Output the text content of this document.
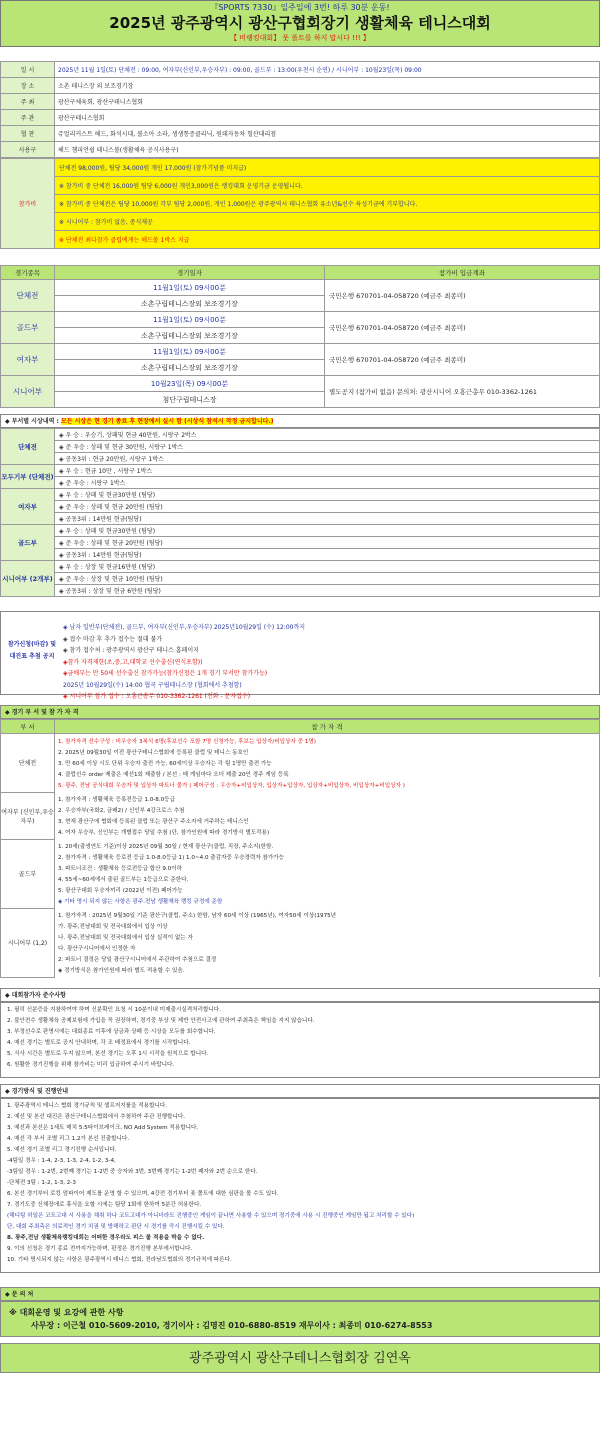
『SPORTS 7330』일주일에 3번! 하루 30분 운동!
2025년 광주광역시 광산구협회장기 생활체육 테니스대회
【 비랭킹대회】 풋 폴트를 하지 맙시다 !!! 】
일 시	2025년 11월 1일(토) 단체전 : 09:00, 여자부(신인부,우승자부) : 09:00, 골드부 : 13:00(우천시 순연) / 시니어부 : 10월23일(목) 09:00
장 소	소촌 테니스장 외 보조경기장
주 최	광산구체육회, 광산구테니스협회
주 관	광산구테니스협회
협 찬	쥬얼리커스트 헤드, 화석시대, 볼소아 소라, 생생통증클리닉, 원데자동차 힐산대리점
사용구	헤드 챔피언쉽 테니스볼(생활체육 공식사용구)
참가비	단체전 98,000원, 팀당 34,000원 개인 17,000원 (참가기념품 미지급)
※ 참가비 중 단체전 16,000원 팀당 6,000원 개인3,000원은 랭킹대회 운영기금 운영됩니다.
※ 참가비 중 단체전은 팀당 10,000원 각부 팀당 2,000원, 개인 1,000원은 광주광역시 테니스협회 유소년&선수 육성기금에 기부합니다.
※ 시니어부 : 참가비 없음, 중식제공
※ 단체전 최다참가 클럽에게는 헤드볼 1박스 지급
경기종목	경기일자	참가비 입금계좌
단체전	11월1일(토) 09시00분	국민은행 670701-04-058720 (예금주 최종미)
	소촌구립테니스장외 보조경기장	
골드부	11월1일(토) 09시00분	국민은행 670701-04-058720 (예금주 최종미)
	소촌구립테니스장외 보조경기장	
여자부	11월1일(토) 09시00분	국민은행 670701-04-058720 (예금주 최종미)
	소촌구립테니스장외 보조경기장	
시니어부	10월23일(목) 09시00분	별도공지 (참가비 없음) 문의처: 광산시니어 오홍근총무 010-3362-1261
	첨단구립테니스장	
◆ 부서별 시상내역 : 모든 시상은 현 경기 종료 후 현장에서 실시 함 (시상식 참석시 작정 금지합니다.)
단체전	◈ 우 승 : 우승기, 상패및 현금 40만원, 시랑구 2박스
	◈ 준 우승 : 상패 및 현금 30만원, 시랑구 1박스
	◈ 공동3위 : 현금 20만원, 시랑구 1박스
모두기부 (단체전)	◈ 우 승 : 현금 10만 , 시랑구 1박스
	◈ 준 우승 : 시랑구 1박스
여자부	◈ 우 승 : 상패 및 현금30만원 (팀당)
	◈ 준 우승 : 상패 및 현금 20만원 (팀당)
	◈ 공동3위 : 14만원 현금(팀당)
골드부	◈ 우 승 : 상패 및 현금30만원 (팀당)
	◈ 준 우승 : 상패 및 현금 20만원 (팀당)
	◈ 공동3위 : 14만원 현금(팀당)
시니어부 (2개부)	◈ 우 승 : 상장 및 현금16만원 (팀당)
	◈ 준 우승 : 상장 및 현금 10만원 (팀당)
	◈ 공동3위 : 상장 및 현금 6만원 (팀당)
참가신청(마감) 및 대진표 추첨 공지
◈ 남자 일반부(단체전), 골드부, 여자부(신인부,우승자부) 2025년10월29일 (수) 12:00까지
◈ 접수 마감 후 추가 접수는 절대 불가
◈ 참가 접수처 : 광주광역시 광산구 테니스 홈페이지
◈참가 자격제한(초,중,고,대학교 선수출신(연식포함))
◈금배부는 만 50세 선수출신 참가가능(참가신청은 1개 경기 부서만 참가가능)
2025년 10월29일(수) 14:00 협곡 구립테니스장 (협회에서 추첨함)
◈ 시니어부 참가 접수 : 오홍근총무 010-3362-1261 (전화 - 문자접수)
◆ 경기 부 서 및 참 가 자 격
부 서	참 가 자 격
단체전	1. 참가자격 선수구성 : 비우승자 3복식 6명(후보선수 포함 7명 신청가능, 후보는 입상자/비입상자 중 1명)
	2. 2025년 09월30일 이전 광산구테니스협회에 등록된 클럽 및 테니스 동호인
	3. 만 60세 이상 시도 단위 우승자 출전 가능, 60세이상 우승자는 각 팀 1명만 출전 가능
	4. 클럽선수 order 제출은 예선1회 제출함 / 본선 : 매 게임마다 오더 제출 20인 경주 게임 등록
	5. 광주, 전남 공식대회 우승자 및 입상자 파트너 불가 ( 페어구성 : 우승자+비입상자, 입상자+입상자, 입상자+비입상자, 비입상자+비입상자 )
여자부 (신인부,우승자부)	1. 참가자격 : 생활체육 등록전등급 1.0-8.0등급
	2. 우승자부(국화2, 금배2) / 신인부 4강크로스 추첨
	3. 현재 광산구에 협회에 등록된 클럽 또는 광산구 주소지에 거주하는 테니스인
	4. 여자 우승부, 신인부는 개별접수 당일 추첨 (단, 참가인원에 따라 경기방식 별도작용)
골드부	1. 20세(출생연도 기준)이상 2025년 09월 30일 / 현재 광산구(클럽, 직장, 주소지)한함.
	2. 참가자격 : 생활체육 등로전 등급 1.0-8.0등급 1) 1.0~4.0 출감자중 우승경력자 참가가능
	3. 파트너조건 : 생활체육 등로전등급 합산 9.0이하
	4. 55세~60세에서 출된 골드부는 1등급으로 준한다.
	5. 광산구대회 우승자끼리 (2022년 이전) 페어가능
	◈ 기타 명시 되지 않는 사항은 광주.전남 생활체육 랭킹 규정에 준함
시니어부 (1,2)	1. 참가자격 : 2025년 9월30일 기준 광산구(클럽, 주소) 한함, 남자 60세 이상 (1965년), 여자50세 이상(1975년
	가. 광주,전남대회 및 전국대회에서 입상 이상
	나. 광주,전남대회 및 전국대회에서 입상 실적이 없는 자
	다. 광산구시니어에서 인정한 자
	2. 파트너 결정은 당일 광산구시니어에서 주관하여 추첨으로 결정
	◈ 경기방식은 참가인원에 따라 별도 적용할 수 있음.
◆ 대회참가자 준수사항
1. 필히 신분증을 지참하여야 하며 신분확인 요청 시 10분이내 미제출시실격처리합니다.
2. 불안전수 생활체육 공제보험에 가입을 꼭 권장하며, 경기중 부상 및 제반 안전사고에 관하여 주최측은 책임을 지지 않습니다.
3. 부정선수로 판명시에는 대회종료 이후에 상금과 상패 등 시상을 모두를 회수합니다.
4. 예선 경기는 별도로 공지 안내하며, 각 조 배정표에서 경기를 시작합니다.
5. 식사 시간은 별도로 두지 않으며, 본선 경기는 오후 1시 시작을 원칙으로 합니다.
6. 원활한 경기진행을 위해 참가비는 미리 입금하여 주시기 바랍니다.
◆ 경기방식 및 진행안내
1. 광주광역시 테니스 협회 경기규칙 및 셀프저지룰을 적용합니다.
2. 예선 및 본선 대진은 광산구테니스협회에서 추첨하여 주관 진행합니다.
3. 예선과 본선은 1세트 매치 5:5타이브레이크, NO Add System 적용합니다.
4. 예선 각 부서 조별 리그 1,2가 본선 진출합니다.
5. 예선 경기 조별 리그 경기진행 순서입니다.
-4팀일 경우 : 1-4, 2-3, 1-3, 2-4, 1-2, 3-4,
-3팀일 경우 : 1-2번, 2번째 경기는 1-2번 중 승자와 3번, 3번째 경기는 1-2번 패자와 2번 순으로 한다.
-단체전 3팀 : 1-2, 1-3, 2-3
6. 본선 경기부터 로킹 엄파이어 제도를 운영 할 수 있으며, 4강전 경기부터 폿 폴트에 대한 심판을 볼 수도 있다.
7. 경기도중 신체장애로 휴식을 요할 시에는 팀당 1회에 한하여 5분간 허용한다.
(해디팅 허일은 코트고대 시 사용을 채취 하나 코트고대가 아니더라도 진행중인 게임이 끝나면 사용할 수 있으며 경기중에 사용 시 진행중인 게임만 됩고 처리할 수 있다)
단, 대회 주최측은 의료적인 경기 치권 및 방해하고 판단 시 경기를 즉시 진행시킬 수 있다.
8. 광주,전남 생활체육랭킹대회는 어떠한 경우라도 피스 룰 적용을 박을 수 없다.
9. 이의 신청은 경기 종료 전까지가능하며, 판정은 경기진행 본부에서합니다.
10. 기타 명시되지 않는 사항은 광주광역시 테니스 협회, 전라남도협회의 경기규칙에 따른다.
◆ 문 의 처
※ 대회운영 및 요강에 관한 사항
사무장 : 이근철 010-5609-2010, 경기이사 : 김명진 010-6880-8519 재무이사 : 최종미 010-6274-8553
광주광역시 광산구테니스협회장 김연옥
